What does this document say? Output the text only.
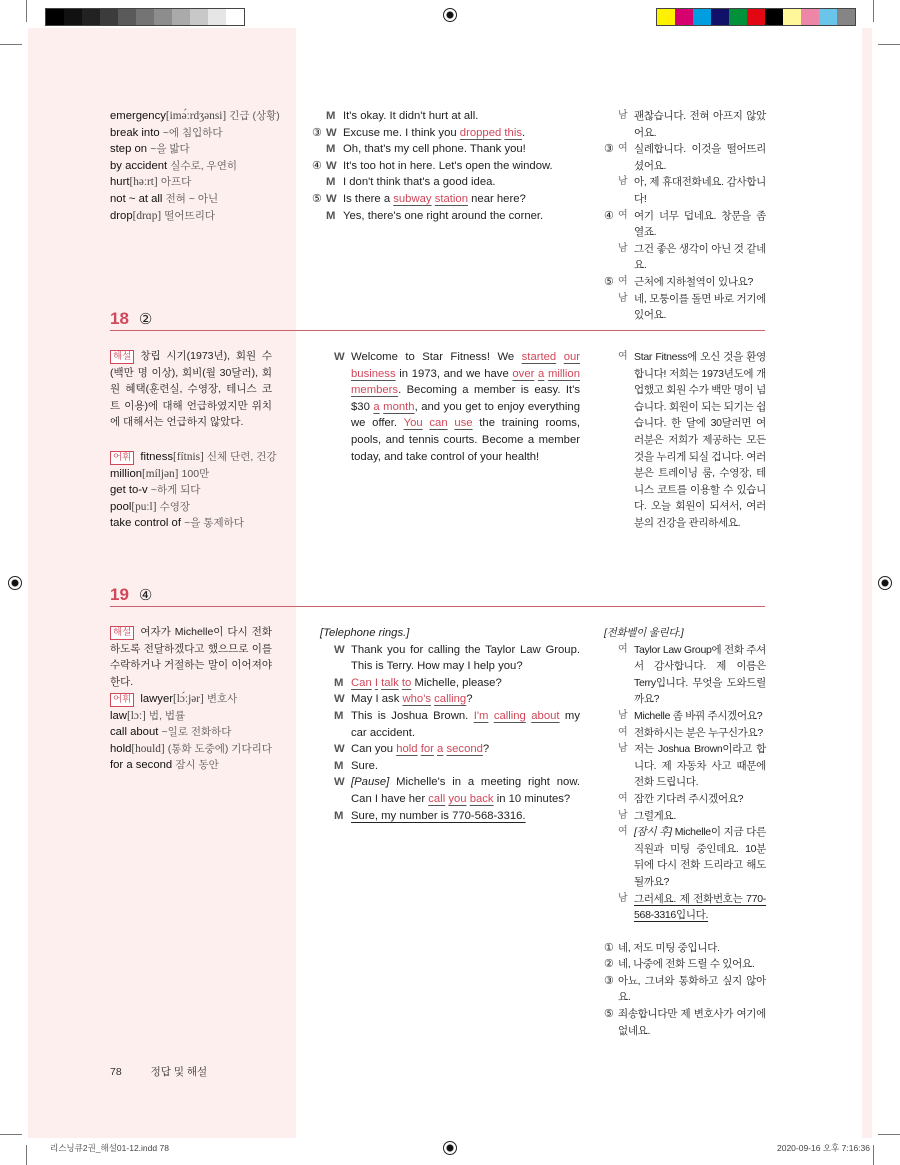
emergency[imə́ːrdʒənsi] 긴급 (상황)
break into ~에 침입하다
step on ~을 밟다
by accident 실수로, 우연히
hurt[həːrt] 아프다
not ~ at all 전혀 ~ 아닌
drop[drɑp] 떨어뜨리다
M It's okay. It didn't hurt at all.
③ W Excuse me. I think you dropped this.
M Oh, that's my cell phone. Thank you!
④ W It's too hot in here. Let's open the window.
M I don't think that's a good idea.
⑤ W Is there a subway station near here?
M Yes, there's one right around the corner.
남 괜찮습니다. 전혀 아프지 않았어요.
③ 여 실례합니다. 이것을 떨어뜨리셨어요.
남 아, 제 휴대전화네요. 감사합니다!
④ 여 여기 너무 덥네요. 창문을 좀 열죠.
남 그건 좋은 생각이 아닌 것 같네요.
⑤ 여 근처에 지하철역이 있나요?
남 네, 모퉁이를 돌면 바로 거기에 있어요.
18 ②
해설 창립 시기(1973년), 회원 수(백만 명 이상), 회비(월 30달러), 회원 혜택(훈련실, 수영장, 테니스 코트 이용)에 대해 언급하였지만 위치에 대해서는 언급하지 않았다.
어휘 fitness[fítnis] 신체 단련, 건강
million[míljən] 100만
get to-v ~하게 되다
pool[puːl] 수영장
take control of ~을 통제하다
W Welcome to Star Fitness! We started our business in 1973, and we have over a million members. Becoming a member is easy. It's $30 a month, and you get to enjoy everything we offer. You can use the training rooms, pools, and tennis courts. Become a member today, and take control of your health!
여 Star Fitness에 오신 것을 환영합니다! 저희는 1973년도에 개업했고 회원 수가 백만 명이 넘습니다. 회원이 되는 되기는 쉽습니다. 한 달에 30달러면 여러분은 저희가 제공하는 모든 것을 누리게 되실 겁니다. 여러분은 트레이닝 룸, 수영장, 테니스 코트를 이용할 수 있습니다. 오늘 회원이 되셔서, 여러분의 건강을 관리하세요.
19 ④
해설 여자가 Michelle이 다시 전화하도록 전달하겠다고 했으므로 이를 수락하거나 거절하는 말이 이어져야 한다.
어휘 lawyer[lɔ́ːjər] 변호사
law[lɔː] 법, 법률
call about ~일로 전화하다
hold[hould] (통화 도중에) 기다리다
for a second 잠시 동안
[Telephone rings.]
W Thank you for calling the Taylor Law Group. This is Terry. How may I help you?
M Can I talk to Michelle, please?
W May I ask who's calling?
M This is Joshua Brown. I'm calling about my car accident.
W Can you hold for a second?
M Sure.
W [Pause] Michelle's in a meeting right now. Can I have her call you back in 10 minutes?
M Sure, my number is 770-568-3316.
[전화벨이 울린다.]
여 Taylor Law Group에 전화 주셔서 감사합니다. 제 이름은 Terry입니다. 무엇을 도와드릴까요?
남 Michelle 좀 바꿔 주시겠어요?
여 전화하시는 분은 누구신가요?
남 저는 Joshua Brown이라고 합니다. 제 자동차 사고 때문에 전화 드립니다.
여 잠깐 기다려 주시겠어요?
남 그럴게요.
여 [잠시 후] Michelle이 지금 다른 직원과 미팅 중인데요. 10분 뒤에 다시 전화 드리라고 해도 될까요?
남 그러세요. 제 전화번호는 770-568-3316입니다.
① 네, 저도 미팅 중입니다.
② 네, 나중에 전화 드릴 수 있어요.
③ 아뇨, 그녀와 통화하고 싶지 않아요.
⑤ 죄송합니다만 제 변호사가 여기에 없네요.
78	정답 및 해설
리스닝큐2권_해설01-12.indd 78	2020-09-16 오후 7:16:36
